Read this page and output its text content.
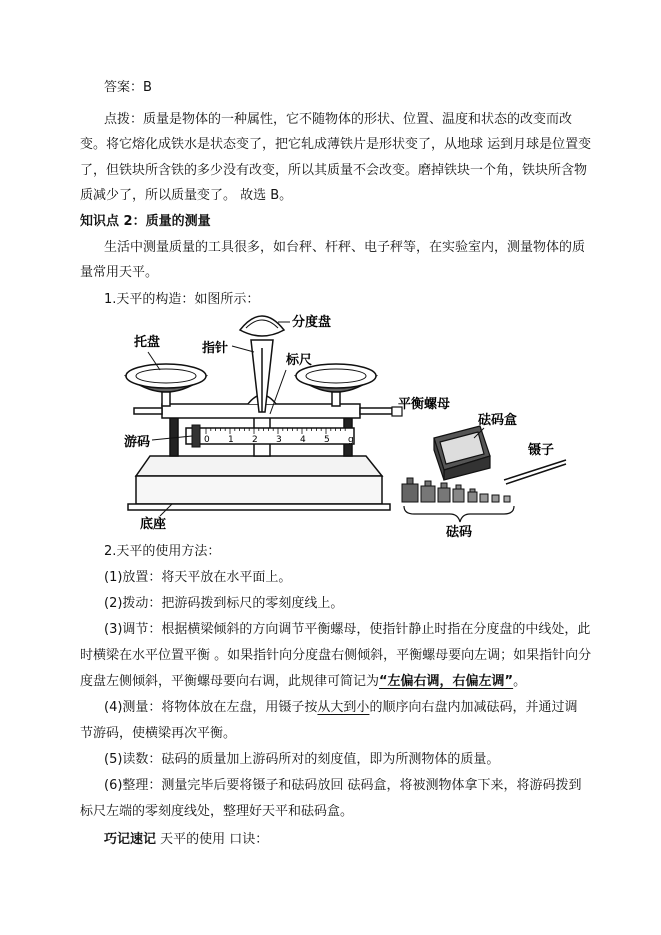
答案：B
点拨：质量是物体的一种属性，它不随物体的形状、位置、温度和状态的改变而改
变。将它熔化成铁水是状态变了，把它轧成薄铁片是形状变了，从地球 运到月球是位置变
了，但铁块所含铁的多少没有改变，所以其质量不会改变。磨掉铁块一个角，铁块所含物
质减少了，所以质量变了。 故选 B。
知识点 2：质量的测量
生活中测量质量的工具很多，如台秤、杆秤、电子秤等，在实验室内，测量物体的质
量常用天平。
1.天平的构造：如图所示：
托盘	指针
分度盘
标尺
平衡螺母
游码
底座
砝码盒
镊子
砝码
0 1 2 3 4 5 g
2.天平的使用方法：
(1)放置：将天平放在水平面上。
(2)拨动：把游码拨到标尺的零刻度线上。
(3)调节：根据横梁倾斜的方向调节平衡螺母，使指针静止时指在分度盘的中线处，此
时横梁在水平位置平衡 。如果指针向分度盘右侧倾斜，平衡螺母要向左调；如果指针向分
度盘左侧倾斜，平衡螺母要向右调，此规律可简记为“左偏右调，右偏左调”。
(4)测量：将物体放在左盘，用镊子按从大到小的顺序向右盘内加减砝码，并通过调
节游码，使横梁再次平衡。
(5)读数：砝码的质量加上游码所对的刻度值，即为所测物体的质量。
(6)整理：测量完毕后要将镊子和砝码放回 砝码盒，将被测物体拿下来，将游码拨到
标尺左端的零刻度线处，整理好天平和砝码盒。
巧记速记 天平的使用 口诀：
